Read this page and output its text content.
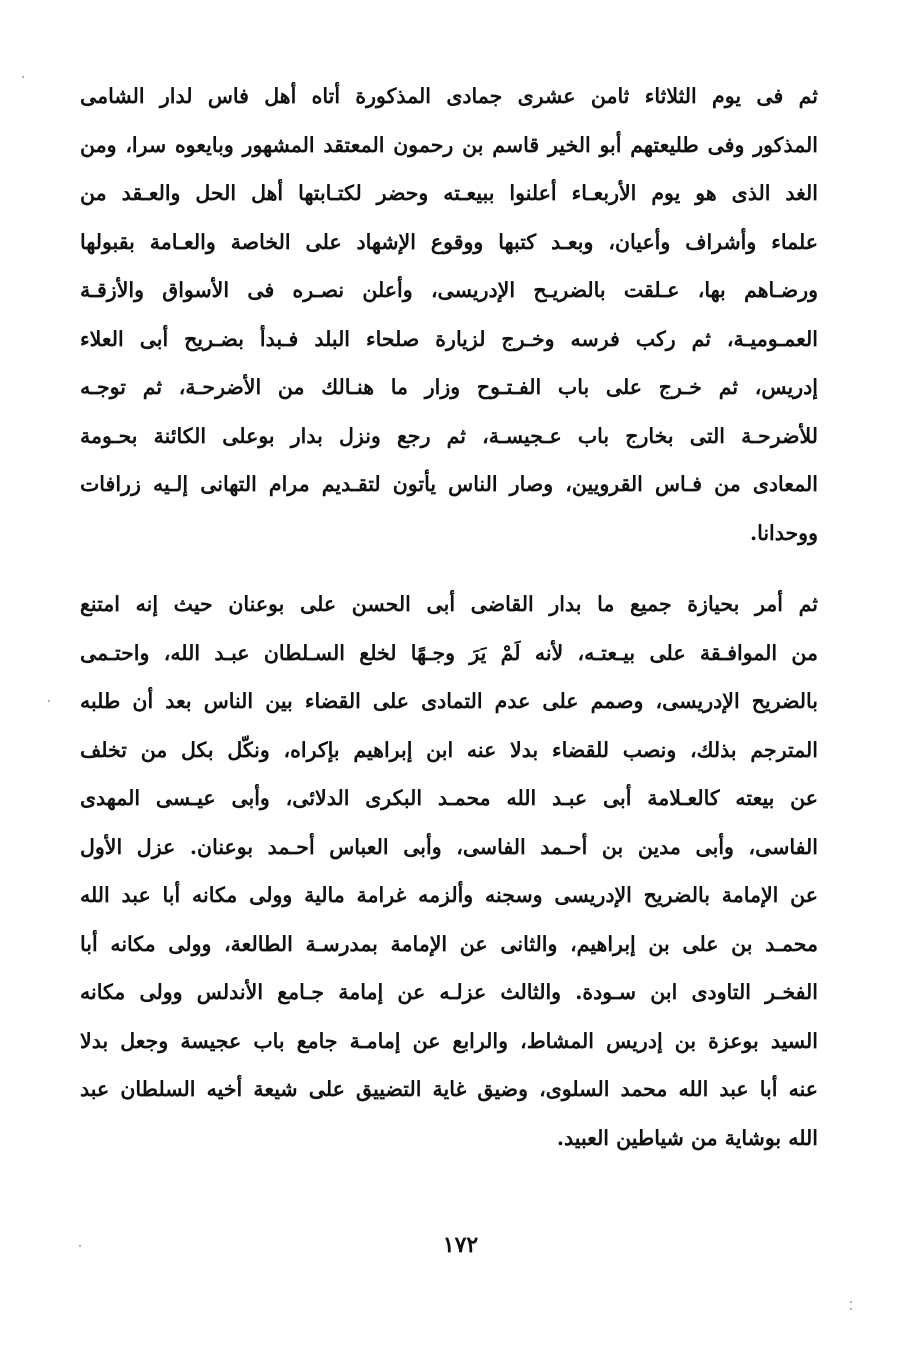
ثم فى يوم الثلاثاء ثامن عشرى جمادى المذكورة أتاه أهل فاس لدار الشامى
المذكور وفى طليعتهم أبو الخير قاسم بن رحمون المعتقد المشهور وبايعوه سرا، ومن
الغد الذى هو يوم الأربعـاء أعلنوا ببيعـته وحضر لكتـابتها أهل الحل والعـقد من
علماء وأشراف وأعيان، وبعـد كتبها ووقوع الإشهاد على الخاصة والعـامة بقبولها
ورضـاهم بها، عـلقت بالضريـح الإدريسى، وأعلن نصـره فى الأسواق والأزقـة
العمـوميـة، ثم ركب فرسه وخـرج لزيارة صلحاء البلد فـبدأ بضـريح أبى العلاء
إدريس، ثم خـرج على باب الفـتـوح وزار ما هنـالك من الأضرحـة، ثم توجـه
للأضرحـة التى بخارج باب عـجيسـة، ثم رجع ونزل بدار بوعلى الكائنة بحـومة
المعادى من فـاس القرويين، وصار الناس يأتون لتقـديم مرام التهانى إلـيه زرافات
ووحدانا.
ثم أمر بحيازة جميع ما بدار القاضى أبى الحسن على بوعنان حيث إنه امتنع
من الموافـقة على بيـعتـه، لأنه لَمْ يَرَ وجـهًا لخلع السـلطان عبـد الله، واحتـمى
بالضريح الإدريسى، وصمم على عدم التمادى على القضاء بين الناس بعد أن طلبه
المترجم بذلك، ونصب للقضاء بدلا عنه ابن إبراهيم بإكراه، ونكّل بكل من تخلف
عن بيعته كالعـلامة أبى عبـد الله محمـد البكرى الدلائى، وأبى عيـسى المهدى
الفاسى، وأبى مدين بن أحـمد الفاسى، وأبى العباس أحـمد بوعنان. عزل الأول
عن الإمامة بالضريح الإدريسى وسجنه وألزمه غرامة مالية وولى مكانه أبا عبد الله
محمـد بن على بن إبراهيم، والثانى عن الإمامة بمدرسـة الطالعة، وولى مكانه أبا
الفخـر التاودى ابن سـودة. والثالث عزلـه عن إمامة جـامع الأندلس وولى مكانه
السيد بوعزة بن إدريس المشاط، والرابع عن إمامـة جامع باب عجيسة وجعل بدلا
عنه أبا عبد الله محمد السلوى، وضيق غاية التضييق على شيعة أخيه السلطان عبد
الله بوشاية من شياطين العبيد.
١٧٢
